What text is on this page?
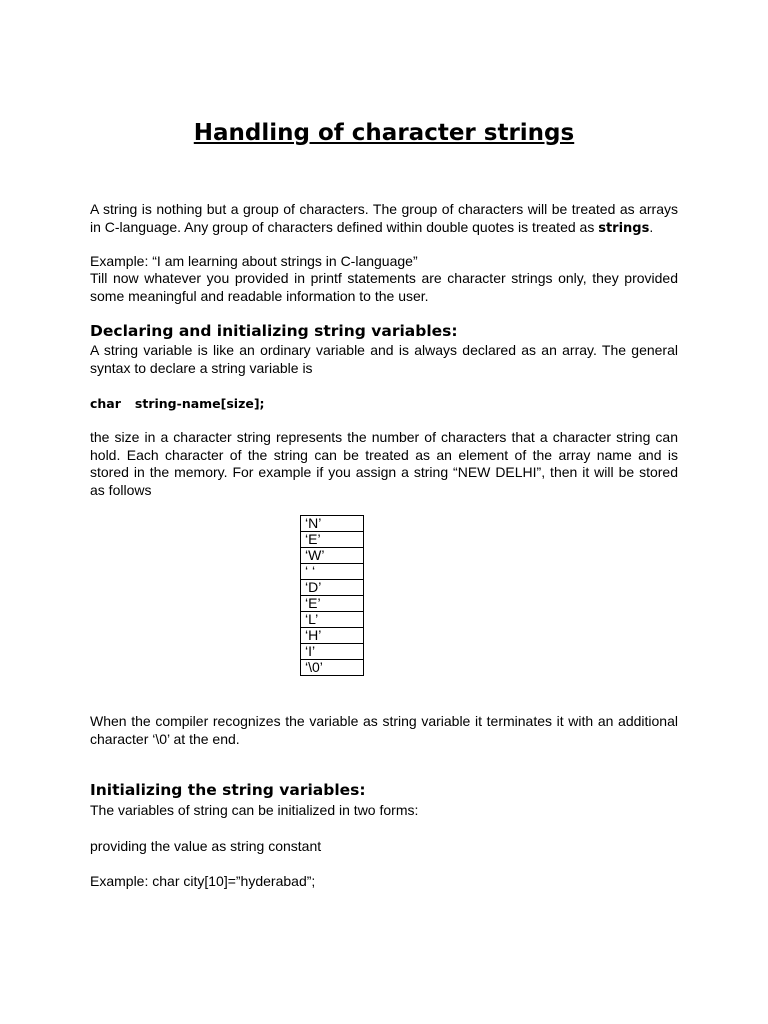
Handling of character strings

A string is nothing but a group of characters. The group of characters will be treated as arrays in C-language. Any group of characters defined within double quotes is treated as strings.

Example: “I am learning about strings in C-language”

Till now whatever you provided in printf statements are character strings only, they provided some meaningful and readable information to the user.

Declaring and initializing string variables:

A string variable is like an ordinary variable and is always declared as an array. The general syntax to declare a string variable is

char string-name[size];

the size in a character string represents the number of characters that a character string can hold. Each character of the string can be treated as an element of the array name and is stored in the memory. For example if you assign a string “NEW DELHI”, then it will be stored as follows

‘N’
‘E’
‘W’
‘ ‘
‘D’
‘E’
‘L’
‘H’
‘I’
‘\0’

When the compiler recognizes the variable as string variable it terminates it with an additional character ‘\0’ at the end.

Initializing the string variables:

The variables of string can be initialized in two forms:

providing the value as string constant

Example: char city[10]=”hyderabad”;
